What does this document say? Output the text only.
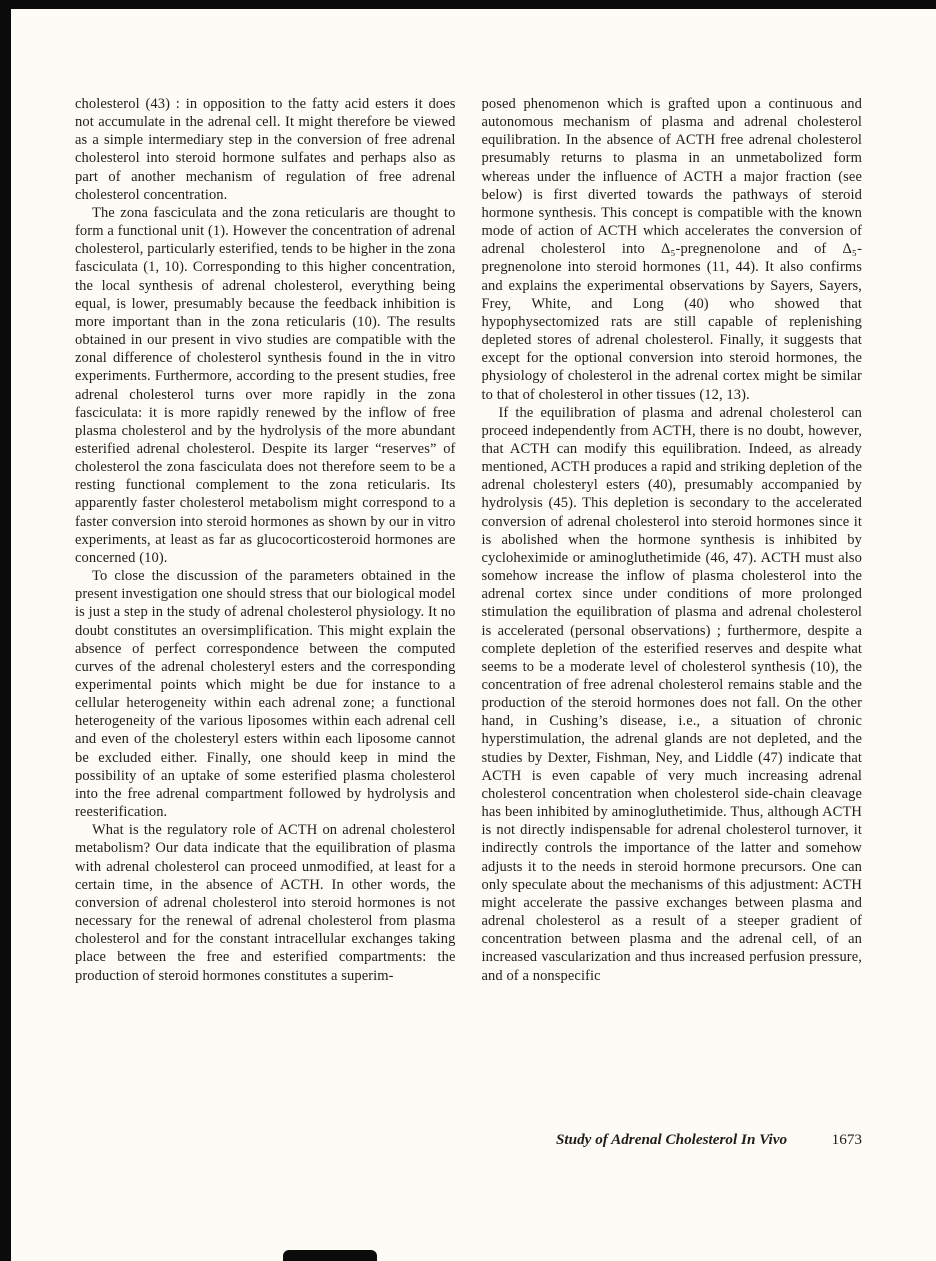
cholesterol (43) : in opposition to the fatty acid esters it does not accumulate in the adrenal cell. It might therefore be viewed as a simple intermediary step in the conversion of free adrenal cholesterol into steroid hormone sulfates and perhaps also as part of another mechanism of regulation of free adrenal cholesterol concentration.

The zona fasciculata and the zona reticularis are thought to form a functional unit (1). However the concentration of adrenal cholesterol, particularly esterified, tends to be higher in the zona fasciculata (1, 10). Corresponding to this higher concentration, the local synthesis of adrenal cholesterol, everything being equal, is lower, presumably because the feedback inhibition is more important than in the zona reticularis (10). The results obtained in our present in vivo studies are compatible with the zonal difference of cholesterol synthesis found in the in vitro experiments. Furthermore, according to the present studies, free adrenal cholesterol turns over more rapidly in the zona fasciculata: it is more rapidly renewed by the inflow of free plasma cholesterol and by the hydrolysis of the more abundant esterified adrenal cholesterol. Despite its larger “reserves” of cholesterol the zona fasciculata does not therefore seem to be a resting functional complement to the zona reticularis. Its apparently faster cholesterol metabolism might correspond to a faster conversion into steroid hormones as shown by our in vitro experiments, at least as far as glucocorticosteroid hormones are concerned (10).

To close the discussion of the parameters obtained in the present investigation one should stress that our biological model is just a step in the study of adrenal cholesterol physiology. It no doubt constitutes an oversimplification. This might explain the absence of perfect correspondence between the computed curves of the adrenal cholesteryl esters and the corresponding experimental points which might be due for instance to a cellular heterogeneity within each adrenal zone; a functional heterogeneity of the various liposomes within each adrenal cell and even of the cholesteryl esters within each liposome cannot be excluded either. Finally, one should keep in mind the possibility of an uptake of some esterified plasma cholesterol into the free adrenal compartment followed by hydrolysis and reesterification.

What is the regulatory role of ACTH on adrenal cholesterol metabolism? Our data indicate that the equilibration of plasma with adrenal cholesterol can proceed unmodified, at least for a certain time, in the absence of ACTH. In other words, the conversion of adrenal cholesterol into steroid hormones is not necessary for the renewal of adrenal cholesterol from plasma cholesterol and for the constant intracellular exchanges taking place between the free and esterified compartments: the production of steroid hormones constitutes a superim-

posed phenomenon which is grafted upon a continuous and autonomous mechanism of plasma and adrenal cholesterol equilibration. In the absence of ACTH free adrenal cholesterol presumably returns to plasma in an unmetabolized form whereas under the influence of ACTH a major fraction (see below) is first diverted towards the pathways of steroid hormone synthesis. This concept is compatible with the known mode of action of ACTH which accelerates the conversion of adrenal cholesterol into Δ₅-pregnenolone and of Δ₅-pregnenolone into steroid hormones (11, 44). It also confirms and explains the experimental observations by Sayers, Sayers, Frey, White, and Long (40) who showed that hypophysectomized rats are still capable of replenishing depleted stores of adrenal cholesterol. Finally, it suggests that except for the optional conversion into steroid hormones, the physiology of cholesterol in the adrenal cortex might be similar to that of cholesterol in other tissues (12, 13).

If the equilibration of plasma and adrenal cholesterol can proceed independently from ACTH, there is no doubt, however, that ACTH can modify this equilibration. Indeed, as already mentioned, ACTH produces a rapid and striking depletion of the adrenal cholesteryl esters (40), presumably accompanied by hydrolysis (45). This depletion is secondary to the accelerated conversion of adrenal cholesterol into steroid hormones since it is abolished when the hormone synthesis is inhibited by cycloheximide or aminogluthetimide (46, 47). ACTH must also somehow increase the inflow of plasma cholesterol into the adrenal cortex since under conditions of more prolonged stimulation the equilibration of plasma and adrenal cholesterol is accelerated (personal observations) ; furthermore, despite a complete depletion of the esterified reserves and despite what seems to be a moderate level of cholesterol synthesis (10), the concentration of free adrenal cholesterol remains stable and the production of the steroid hormones does not fall. On the other hand, in Cushing’s disease, i.e., a situation of chronic hyperstimulation, the adrenal glands are not depleted, and the studies by Dexter, Fishman, Ney, and Liddle (47) indicate that ACTH is even capable of very much increasing adrenal cholesterol concentration when cholesterol side-chain cleavage has been inhibited by aminogluthetimide. Thus, although ACTH is not directly indispensable for adrenal cholesterol turnover, it indirectly controls the importance of the latter and somehow adjusts it to the needs in steroid hormone precursors. One can only speculate about the mechanisms of this adjustment: ACTH might accelerate the passive exchanges between plasma and adrenal cholesterol as a result of a steeper gradient of concentration between plasma and the adrenal cell, of an increased vascularization and thus increased perfusion pressure, and of a nonspecific

Study of Adrenal Cholesterol In Vivo	1673
